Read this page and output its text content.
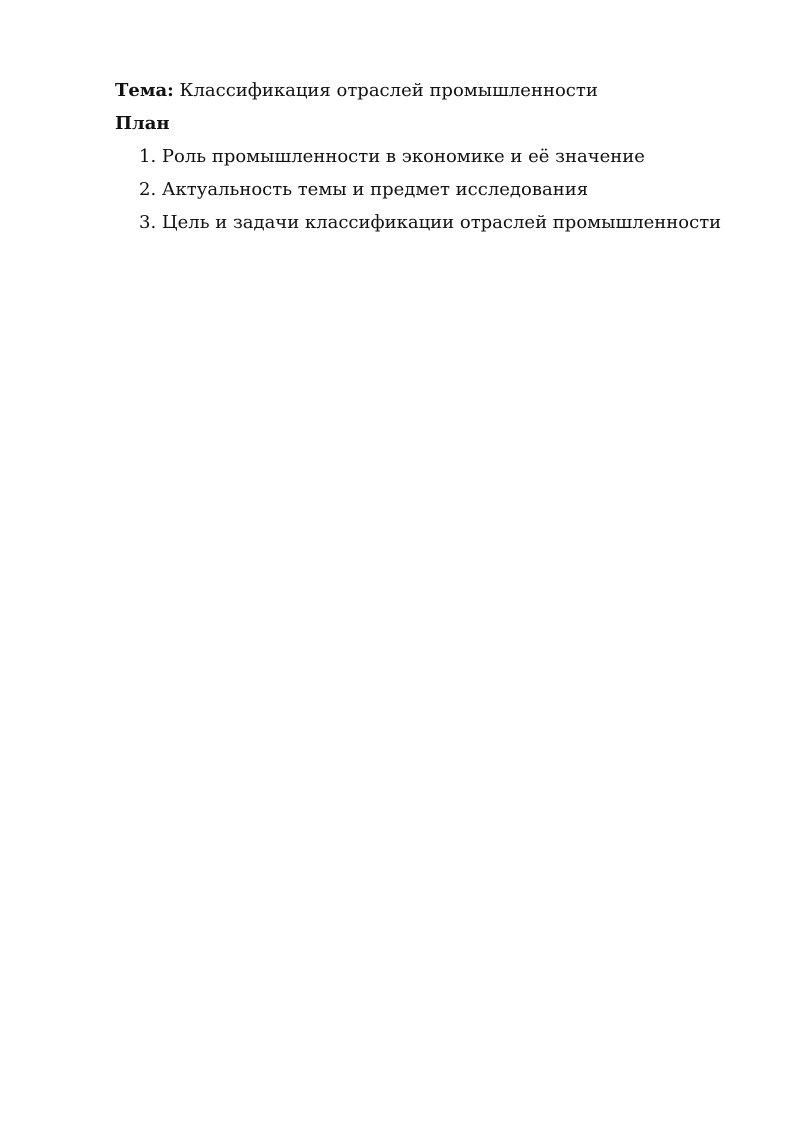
Тема: Классификация отраслей промышленности
План
1. Роль промышленности в экономике и её значение
2. Актуальность темы и предмет исследования
3. Цель и задачи классификации отраслей промышленности
